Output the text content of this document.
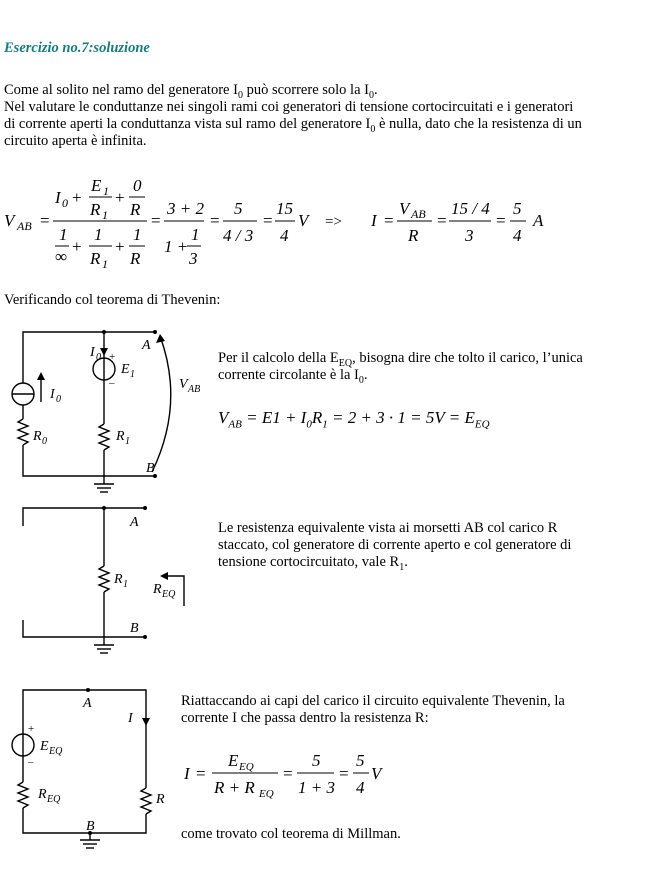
Esercizio no.7:soluzione
Come al solito nel ramo del generatore $I_0$ può scorrere solo la $I_0$.
Nel valutare le conduttanze nei singoli rami coi generatori di tensione cortocircuitati e i generatori
di corrente aperti la conduttanza vista sul ramo del generatore $I_0$ è nulla, dato che la resistenza di un
circuito aperta è infinita.
V AB =
I 0 +
E 1
R 1
+
0
R
1
∞
+
1
R 1
+
1
R
=
3 + 2
1 +
1
3
=
5
4 / 3
=
15
4
V => I =
V AB
R
=
15 / 4
3
=
5
4
A
Verificando col teorema di Thevenin:
A
B
I 0
I 0
+
–
E 1
R 0	R 1
V AB
Per il calcolo della $E_{EQ}$, bisogna dire che tolto il carico, l’unica
corrente circolante è la $I_0$.
$V_{AB} = E1 + I_0R_1 = 2 + 3 \cdot 1 = 5V = E_{EQ}$
A
B
R 1 R EQ
Le resistenza equivalente vista ai morsetti AB col carico R
staccato, col generatore di corrente aperto e col generatore di
tensione cortocircuitato, vale $R_1$.
A
B
I
+
–
E EQ
R EQ	R
Riattaccando ai capi del carico il circuito equivalente Thevenin, la
corrente I che passa dentro la resistenza R:
I =
E EQ
R + R EQ
=
5
1 + 3
=
5
4
V
come trovato col teorema di Millman.
